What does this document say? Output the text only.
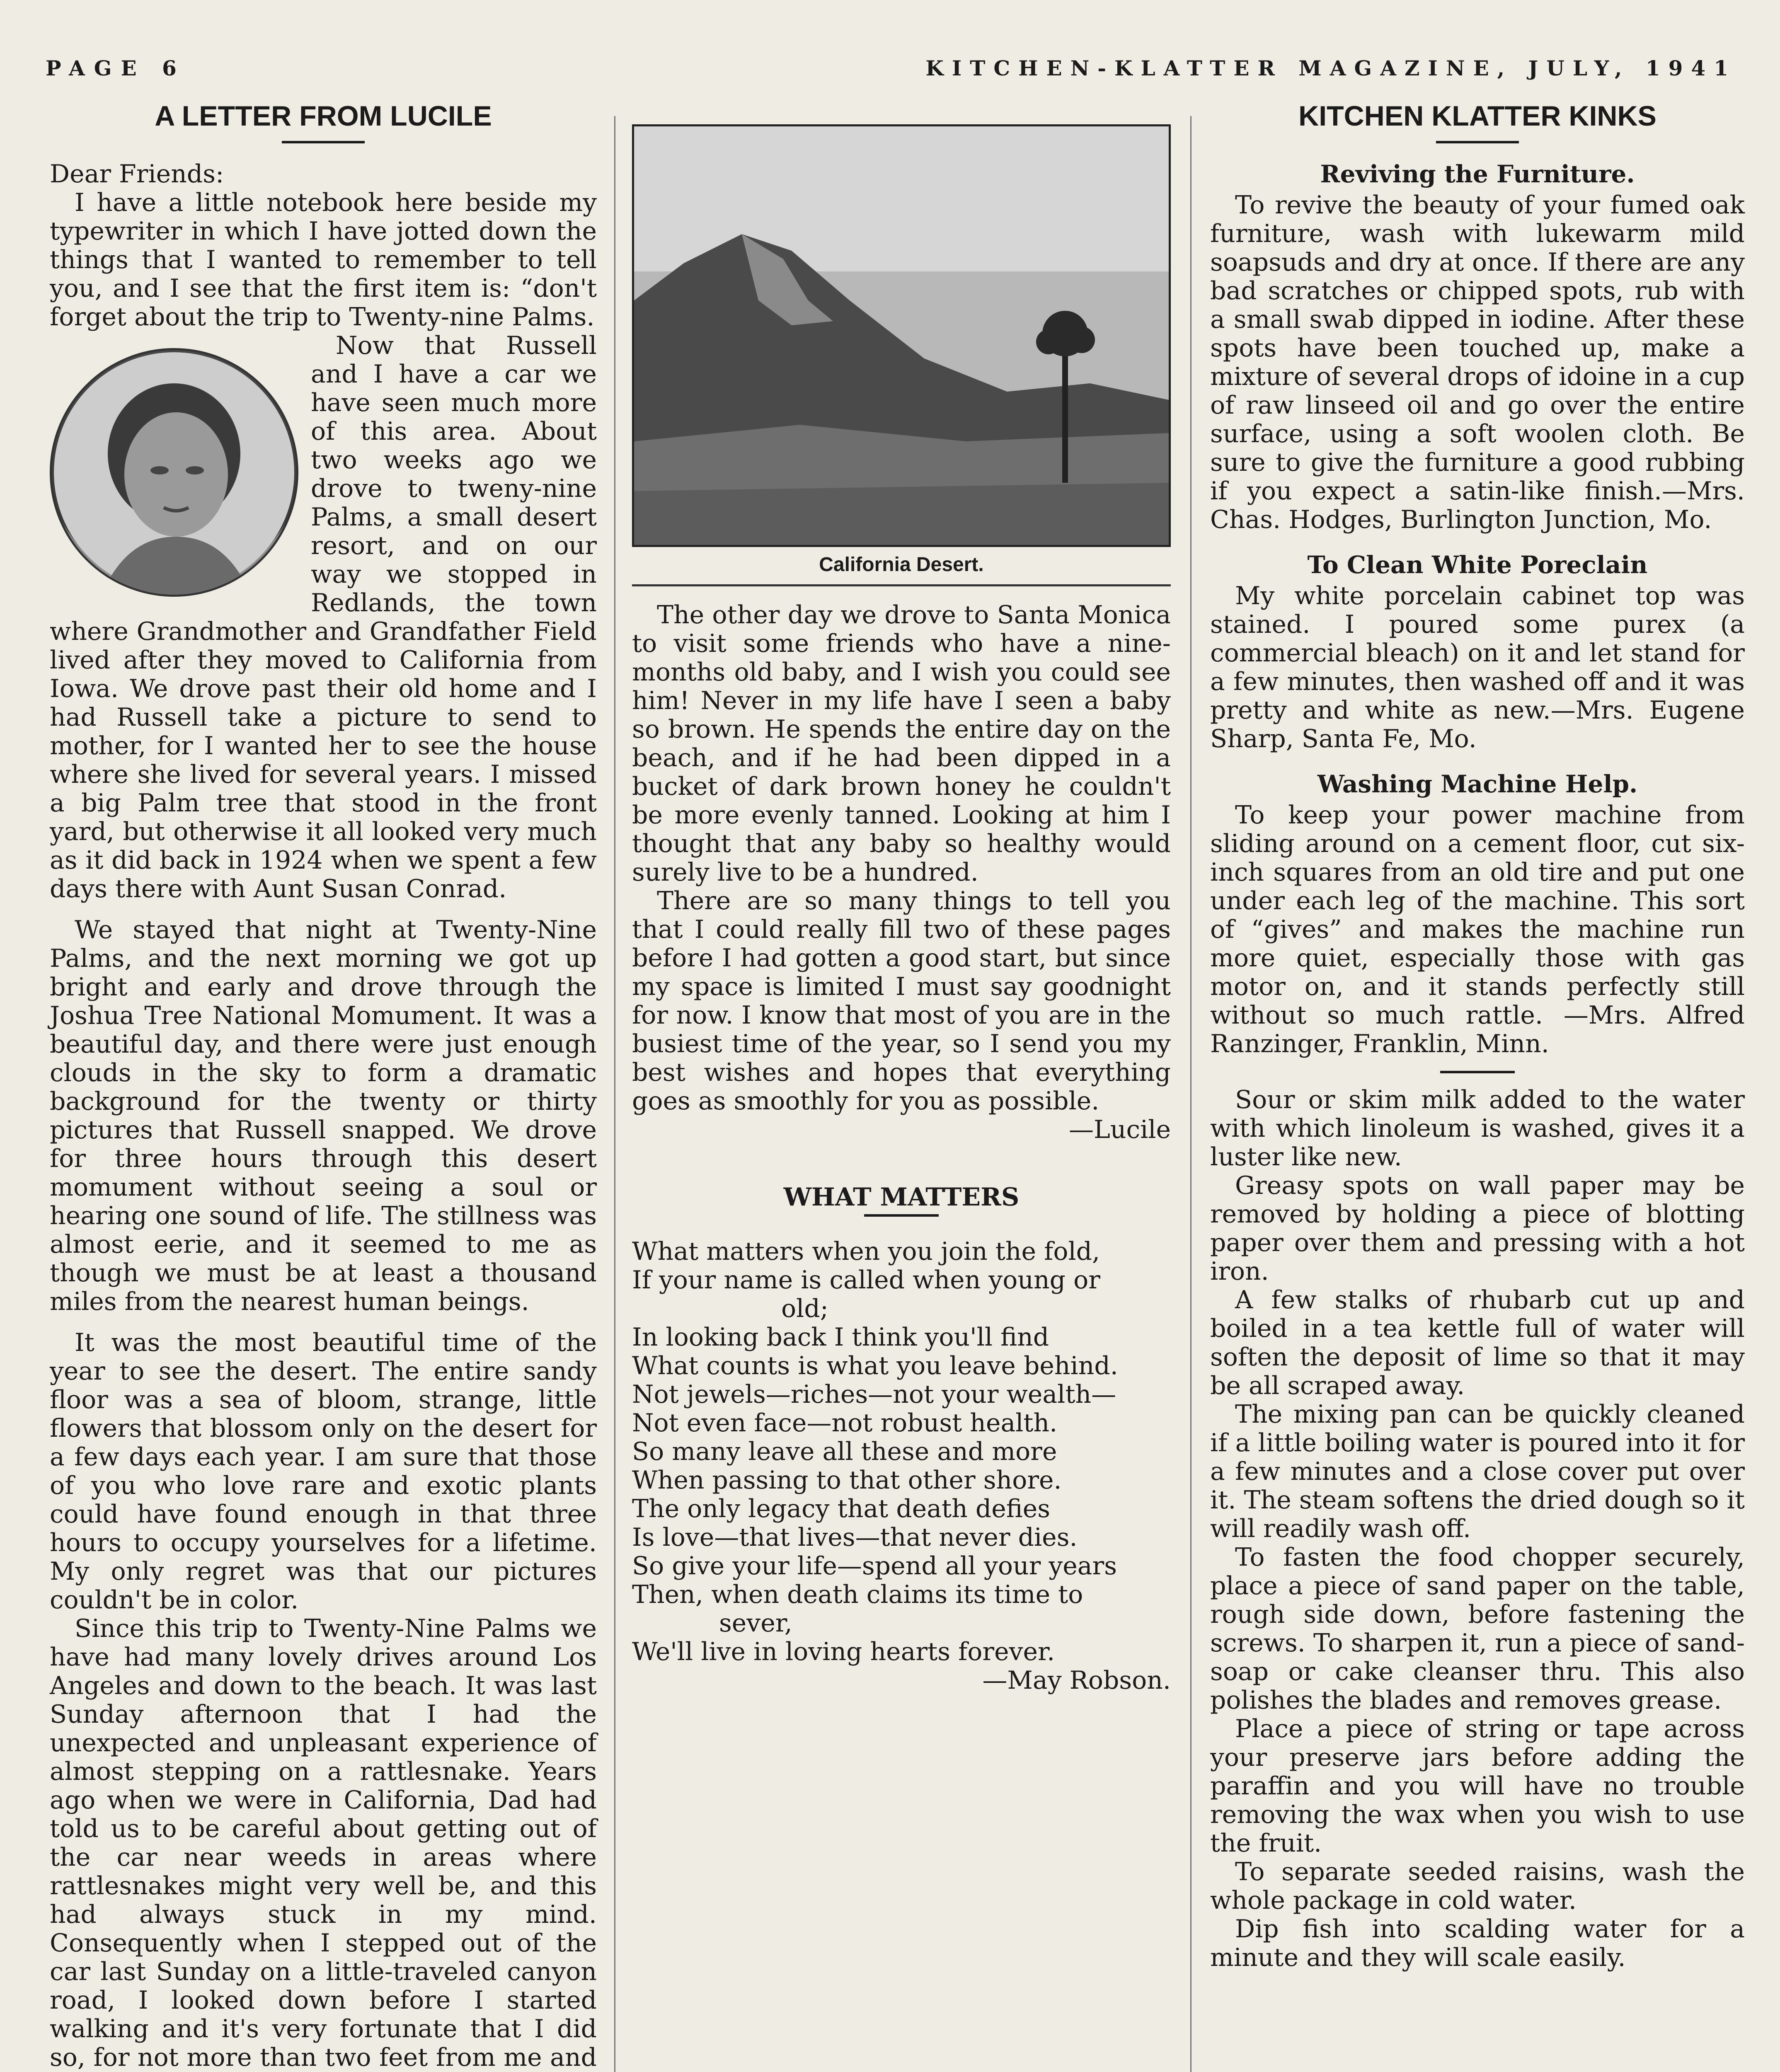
PAGE 6	KITCHEN-KLATTER MAGAZINE, JULY, 1941
A LETTER FROM LUCILE

Dear Friends:

I have a little notebook here beside my typewriter in which I have jotted down the things that I wanted to remember to tell you, and I see that the first item is: “don't forget about the trip to Twenty-nine Palms.

Now that Russell and I have a car we have seen much more of this area. About two weeks ago we drove to tweny-nine Palms, a small desert resort, and on our way we stopped in Redlands, the town where Grandmother and Grandfather Field lived after they moved to California from Iowa. We drove past their old home and I had Russell take a picture to send to mother, for I wanted her to see the house where she lived for several years. I missed a big Palm tree that stood in the front yard, but otherwise it all looked very much as it did back in 1924 when we spent a few days there with Aunt Susan Conrad.

We stayed that night at Twenty-Nine Palms, and the next morning we got up bright and early and drove through the Joshua Tree National Momument. It was a beautiful day, and there were just enough clouds in the sky to form a dramatic background for the twenty or thirty pictures that Russell snapped. We drove for three hours through this desert momument without seeing a soul or hearing one sound of life. The stillness was almost eerie, and it seemed to me as though we must be at least a thousand miles from the nearest human beings.

It was the most beautiful time of the year to see the desert. The entire sandy floor was a sea of bloom, strange, little flowers that blossom only on the desert for a few days each year. I am sure that those of you who love rare and exotic plants could have found enough in that three hours to occupy yourselves for a lifetime. My only regret was that our pictures couldn't be in color.

Since this trip to Twenty-Nine Palms we have had many lovely drives around Los Angeles and down to the beach. It was last Sunday afternoon that I had the unexpected and unpleasant experience of almost stepping on a rattlesnake. Years ago when we were in California, Dad had told us to be careful about getting out of the car near weeds in areas where rattlesnakes might very well be, and this had always stuck in my mind. Consequently when I stepped out of the car last Sunday on a little-traveled canyon road, I looked down before I started walking and it's very fortunate that I did so, for not more than two feet from me and

California Desert.

The other day we drove to Santa Monica to visit some friends who have a nine-months old baby, and I wish you could see him! Never in my life have I seen a baby so brown. He spends the entire day on the beach, and if he had been dipped in a bucket of dark brown honey he couldn't be more evenly tanned. Looking at him I thought that any baby so healthy would surely live to be a hundred.

There are so many things to tell you that I could really fill two of these pages before I had gotten a good start, but since my space is limited I must say goodnight for now. I know that most of you are in the busiest time of the year, so I send you my best wishes and hopes that everything goes as smoothly for you as possible.

—Lucile

WHAT MATTERS
What matters when you join the fold,
If your name is called when young or
old;
In looking back I think you'll find
What counts is what you leave behind.
Not jewels—riches—not your wealth—
Not even face—not robust health.
So many leave all these and more
When passing to that other shore.
The only legacy that death defies
Is love—that lives—that never dies.
So give your life—spend all your years
Then, when death claims its time to
sever,
We'll live in loving hearts forever.
—May Robson.
KITCHEN KLATTER KINKS
Reviving the Furniture.

To revive the beauty of your fumed oak furniture, wash with lukewarm mild soapsuds and dry at once. If there are any bad scratches or chipped spots, rub with a small swab dipped in iodine. After these spots have been touched up, make a mixture of several drops of idoine in a cup of raw linseed oil and go over the entire surface, using a soft woolen cloth. Be sure to give the furniture a good rubbing if you expect a satin-like finish.—Mrs. Chas. Hodges, Burlington Junction, Mo.

To Clean White Poreclain

My white porcelain cabinet top was stained. I poured some purex (a commercial bleach) on it and let stand for a few minutes, then washed off and it was pretty and white as new.—Mrs. Eugene Sharp, Santa Fe, Mo.

Washing Machine Help.

To keep your power machine from sliding around on a cement floor, cut six-inch squares from an old tire and put one under each leg of the machine. This sort of “gives” and makes the machine run more quiet, especially those with gas motor on, and it stands perfectly still without so much rattle. —Mrs. Alfred Ranzinger, Franklin, Minn.

Sour or skim milk added to the water with which linoleum is washed, gives it a luster like new.

Greasy spots on wall paper may be removed by holding a piece of blotting paper over them and pressing with a hot iron.

A few stalks of rhubarb cut up and boiled in a tea kettle full of water will soften the deposit of lime so that it may be all scraped away.

The mixing pan can be quickly cleaned if a little boiling water is poured into it for a few minutes and a close cover put over it. The steam softens the dried dough so it will readily wash off.

To fasten the food chopper securely, place a piece of sand paper on the table, rough side down, before fastening the screws. To sharpen it, run a piece of sand-soap or cake cleanser thru. This also polishes the blades and removes grease.

Place a piece of string or tape across your preserve jars before adding the paraffin and you will have no trouble removing the wax when you wish to use the fruit.

To separate seeded raisins, wash the whole package in cold water.

Dip fish into scalding water for a minute and they will scale easily.
